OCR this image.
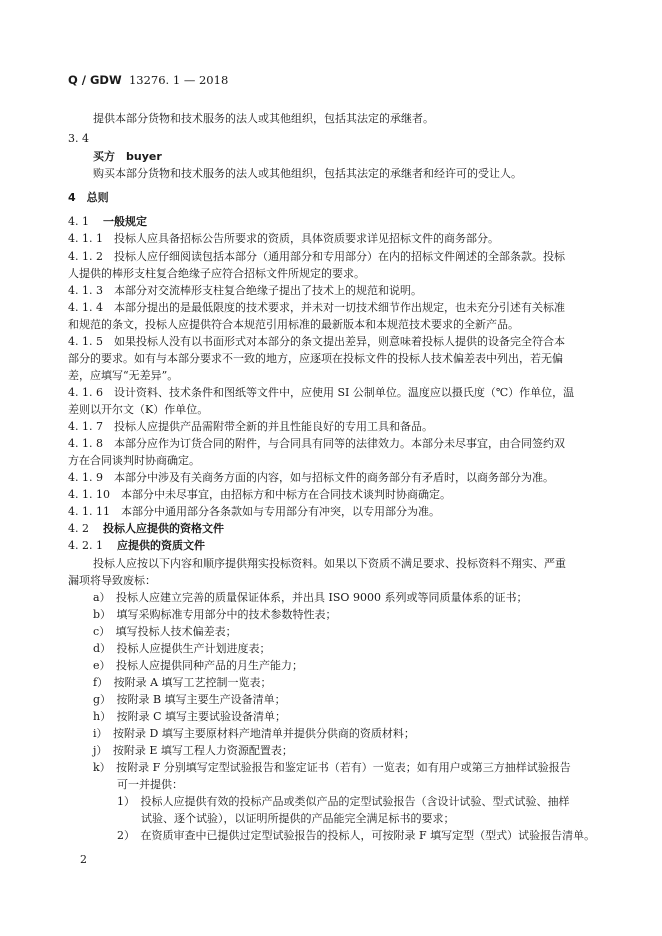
Q / GDW 13276. 1 — 2018
提供本部分货物和技术服务的法人或其他组织，包括其法定的承继者。
3. 4
买方　buyer
购买本部分货物和技术服务的法人或其他组织，包括其法定的承继者和经许可的受让人。
4　总则
4. 1 一般规定
4. 1. 1　投标人应具备招标公告所要求的资质，具体资质要求详见招标文件的商务部分。
4. 1. 2　投标人应仔细阅读包括本部分（通用部分和专用部分）在内的招标文件阐述的全部条款。投标
人提供的棒形支柱复合绝缘子应符合招标文件所规定的要求。
4. 1. 3　本部分对交流棒形支柱复合绝缘子提出了技术上的规范和说明。
4. 1. 4　本部分提出的是最低限度的技术要求，并未对一切技术细节作出规定，也未充分引述有关标准
和规范的条文，投标人应提供符合本规范引用标准的最新版本和本规范技术要求的全新产品。
4. 1. 5　如果投标人没有以书面形式对本部分的条文提出差异，则意味着投标人提供的设备完全符合本
部分的要求。如有与本部分要求不一致的地方，应逐项在投标文件的投标人技术偏差表中列出，若无偏
差，应填写“无差异”。
4. 1. 6　设计资料、技术条件和图纸等文件中，应使用 SI 公制单位。温度应以摄氏度（℃）作单位，温
差则以开尔文（K）作单位。
4. 1. 7　投标人应提供产品需附带全新的并且性能良好的专用工具和备品。
4. 1. 8　本部分应作为订货合同的附件，与合同具有同等的法律效力。本部分未尽事宜，由合同签约双
方在合同谈判时协商确定。
4. 1. 9　本部分中涉及有关商务方面的内容，如与招标文件的商务部分有矛盾时，以商务部分为准。
4. 1. 10　本部分中未尽事宜，由招标方和中标方在合同技术谈判时协商确定。
4. 1. 11　本部分中通用部分各条款如与专用部分有冲突，以专用部分为准。
4. 2 投标人应提供的资格文件
4. 2. 1 应提供的资质文件
投标人应按以下内容和顺序提供翔实投标资料。如果以下资质不满足要求、投标资料不翔实、严重
漏项将导致废标：
a）　投标人应建立完善的质量保证体系，并出具 ISO 9000 系列或等同质量体系的证书；
b）　填写采购标准专用部分中的技术参数特性表；
c）　填写投标人技术偏差表；
d）　投标人应提供生产计划进度表；
e）　投标人应提供同种产品的月生产能力；
f）　按附录 A 填写工艺控制一览表；
g）　按附录 B 填写主要生产设备清单；
h）　按附录 C 填写主要试验设备清单；
i）　按附录 D 填写主要原材料产地清单并提供分供商的资质材料；
j）　按附录 E 填写工程人力资源配置表；
k）　按附录 F 分别填写定型试验报告和鉴定证书（若有）一览表；如有用户或第三方抽样试验报告
可一并提供：
1）　投标人应提供有效的投标产品或类似产品的定型试验报告（含设计试验、型式试验、抽样
试验、逐个试验），以证明所提供的产品能完全满足标书的要求；
2）　在资质审查中已提供过定型试验报告的投标人，可按附录 F 填写定型（型式）试验报告清单。
2
